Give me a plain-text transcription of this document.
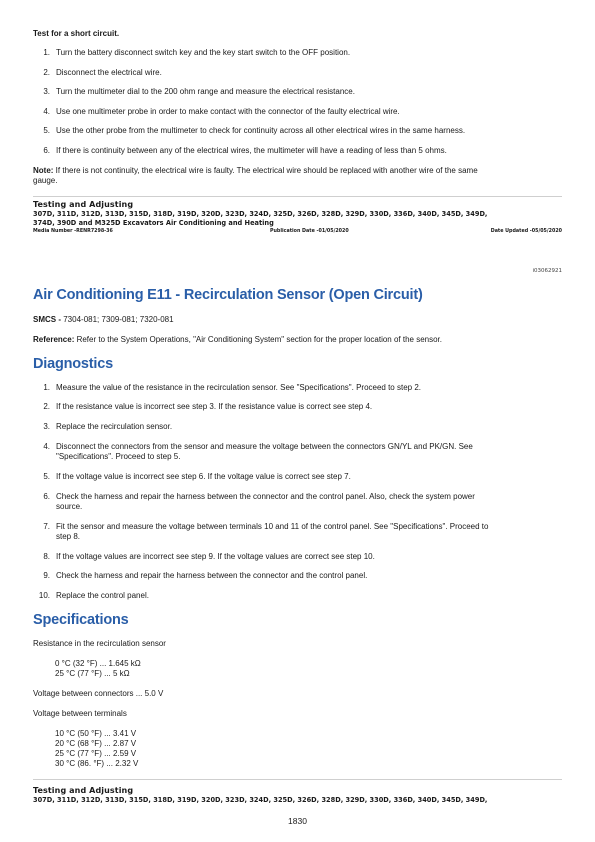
Test for a short circuit.
1. Turn the battery disconnect switch key and the key start switch to the OFF position.
2. Disconnect the electrical wire.
3. Turn the multimeter dial to the 200 ohm range and measure the electrical resistance.
4. Use one multimeter probe in order to make contact with the connector of the faulty electrical wire.
5. Use the other probe from the multimeter to check for continuity across all other electrical wires in the same harness.
6. If there is continuity between any of the electrical wires, the multimeter will have a reading of less than 5 ohms.
Note: If there is not continuity, the electrical wire is faulty. The electrical wire should be replaced with another wire of the same
gauge.
Testing and Adjusting
307D, 311D, 312D, 313D, 315D, 318D, 319D, 320D, 323D, 324D, 325D, 326D, 328D, 329D, 330D, 336D, 340D, 345D, 349D,
374D, 390D and M325D Excavators Air Conditioning and Heating
Media Number -RENR7298-36	Publication Date -01/05/2020	Date Updated -05/05/2020
i03062921
Air Conditioning E11 - Recirculation Sensor (Open Circuit)
SMCS - 7304-081; 7309-081; 7320-081
Reference: Refer to the System Operations, "Air Conditioning System" section for the proper location of the sensor.
Diagnostics
1. Measure the value of the resistance in the recirculation sensor. See "Specifications". Proceed to step 2.
2. If the resistance value is incorrect see step 3. If the resistance value is correct see step 4.
3. Replace the recirculation sensor.
4. Disconnect the connectors from the sensor and measure the voltage between the connectors GN/YL and PK/GN. See
"Specifications". Proceed to step 5.
5. If the voltage value is incorrect see step 6. If the voltage value is correct see step 7.
6. Check the harness and repair the harness between the connector and the control panel. Also, check the system power
source.
7. Fit the sensor and measure the voltage between terminals 10 and 11 of the control panel. See "Specifications". Proceed to
step 8.
8. If the voltage values are incorrect see step 9. If the voltage values are correct see step 10.
9. Check the harness and repair the harness between the connector and the control panel.
10. Replace the control panel.
Specifications
Resistance in the recirculation sensor
0 °C (32 °F) ... 1.645 kΩ
25 °C (77 °F) ... 5 kΩ
Voltage between connectors ... 5.0 V
Voltage between terminals
10 °C (50 °F) ... 3.41 V
20 °C (68 °F) ... 2.87 V
25 °C (77 °F) ... 2.59 V
30 °C (86. °F) ... 2.32 V
Testing and Adjusting
307D, 311D, 312D, 313D, 315D, 318D, 319D, 320D, 323D, 324D, 325D, 326D, 328D, 329D, 330D, 336D, 340D, 345D, 349D,
1830
